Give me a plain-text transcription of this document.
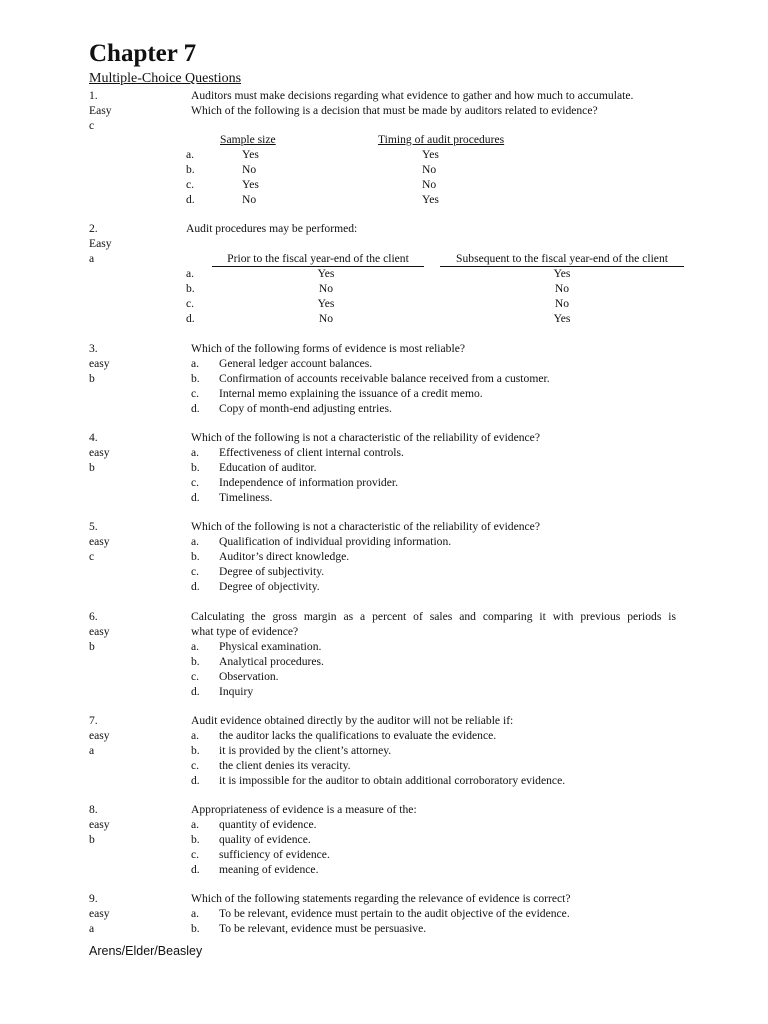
Chapter 7
Multiple-Choice Questions
1.
Easy
c
Auditors must make decisions regarding what evidence to gather and how much to accumulate.
Which of the following is a decision that must be made by auditors related to evidence?
Sample size	Timing of audit procedures
a.	Yes	Yes
b.	No	No
c.	Yes	No
d.	No	Yes
2.
Easy
a
Audit procedures may be performed:
Prior to the fiscal year-end of the client	Subsequent to the fiscal year-end of the client
a.	Yes	Yes
b.	No	No
c.	Yes	No
d.	No	Yes
3.
easy
b
Which of the following forms of evidence is most reliable?
a. General ledger account balances.
b. Confirmation of accounts receivable balance received from a customer.
c. Internal memo explaining the issuance of a credit memo.
d. Copy of month-end adjusting entries.
4.
easy
b
Which of the following is not a characteristic of the reliability of evidence?
a. Effectiveness of client internal controls.
b. Education of auditor.
c. Independence of information provider.
d. Timeliness.
5.
easy
c
Which of the following is not a characteristic of the reliability of evidence?
a. Qualification of individual providing information.
b. Auditor’s direct knowledge.
c. Degree of subjectivity.
d. Degree of objectivity.
6.
easy
b
Calculating the gross margin as a percent of sales and comparing it with previous periods is
what type of evidence?
a. Physical examination.
b. Analytical procedures.
c. Observation.
d. Inquiry
7.
easy
a
Audit evidence obtained directly by the auditor will not be reliable if:
a. the auditor lacks the qualifications to evaluate the evidence.
b. it is provided by the client’s attorney.
c. the client denies its veracity.
d. it is impossible for the auditor to obtain additional corroboratory evidence.
8.
easy
b
Appropriateness of evidence is a measure of the:
a. quantity of evidence.
b. quality of evidence.
c. sufficiency of evidence.
d. meaning of evidence.
9.
easy
a
Which of the following statements regarding the relevance of evidence is correct?
a. To be relevant, evidence must pertain to the audit objective of the evidence.
b. To be relevant, evidence must be persuasive.
Arens/Elder/Beasley
